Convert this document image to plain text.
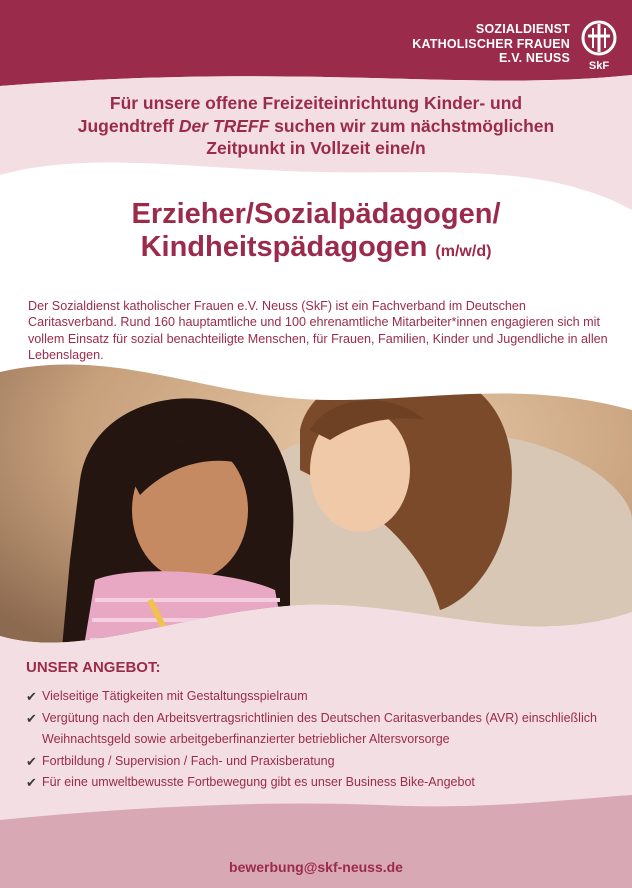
SOZIALDIENST
KATHOLISCHER FRAUEN
E.V. NEUSS
SkF
Für unsere offene Freizeiteinrichtung Kinder- und
Jugendtreff Der TREFF suchen wir zum nächstmöglichen
Zeitpunkt in Vollzeit eine/n
Erzieher/Sozialpädagogen/
Kindheitspädagogen (m/w/d)
Der Sozialdienst katholischer Frauen e.V. Neuss (SkF) ist ein Fachverband im Deutschen Caritasverband. Rund 160 hauptamtliche und 100 ehrenamtliche Mitarbeiter*innen engagieren sich mit vollem Einsatz für sozial benachteiligte Menschen, für Frauen, Familien, Kinder und Jugendliche in allen Lebenslagen.
UNSER ANGEBOT:
✔ Vielseitige Tätigkeiten mit Gestaltungsspielraum
✔ Vergütung nach den Arbeitsvertragsrichtlinien des Deutschen Caritasverbandes (AVR) einschließlich Weihnachtsgeld sowie arbeitgeberfinanzierter betrieblicher Altersvorsorge
✔ Fortbildung / Supervision / Fach- und Praxisberatung
✔ Für eine umweltbewusste Fortbewegung gibt es unser Business Bike-Angebot
bewerbung@skf-neuss.de
